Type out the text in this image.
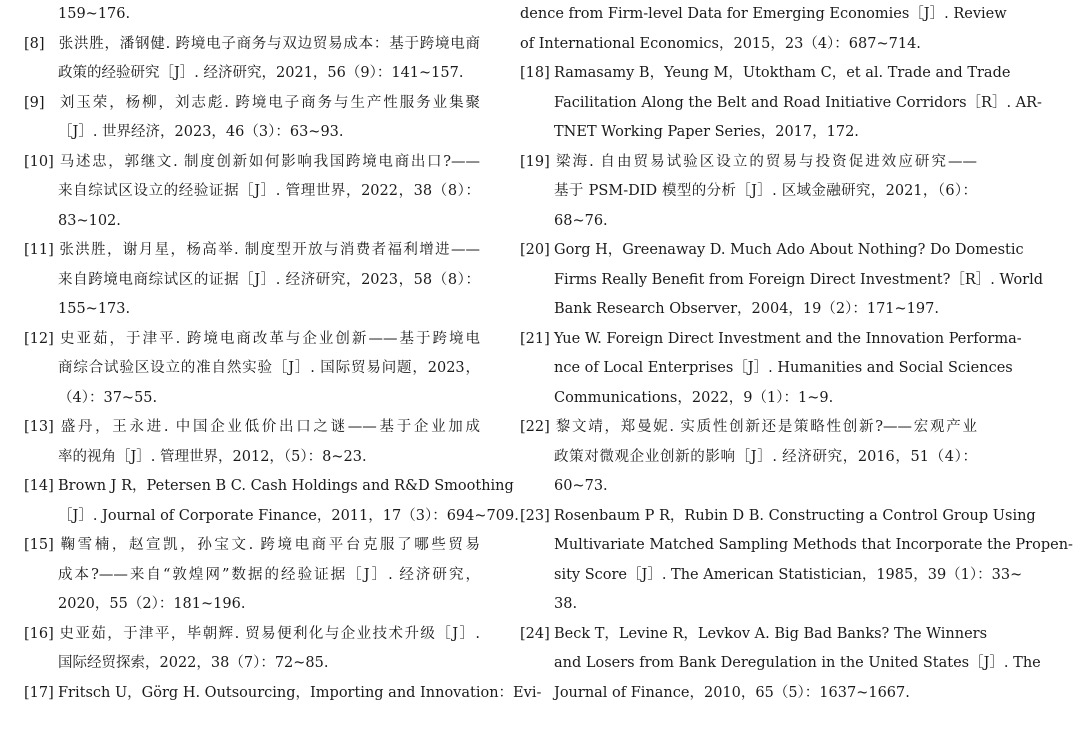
159~176.
[8] 张洪胜，潘钢健. 跨境电子商务与双边贸易成本：基于跨境电商
政策的经验研究［J］. 经济研究，2021，56（9）：141~157.
[9] 刘玉荣，杨柳，刘志彪. 跨境电子商务与生产性服务业集聚
［J］. 世界经济，2023，46（3）：63~93.
[10] 马述忠，郭继文. 制度创新如何影响我国跨境电商出口?——
来自综试区设立的经验证据［J］. 管理世界，2022，38（8）：
83~102.
[11] 张洪胜，谢月星，杨高举. 制度型开放与消费者福利增进——
来自跨境电商综试区的证据［J］. 经济研究，2023，58（8）：
155~173.
[12] 史亚茹，于津平. 跨境电商改革与企业创新——基于跨境电
商综合试验区设立的准自然实验［J］. 国际贸易问题，2023，
（4）：37~55.
[13] 盛丹，王永进. 中国企业低价出口之谜——基于企业加成
率的视角［J］. 管理世界，2012，（5）：8~23.
[14] Brown J R，Petersen B C. Cash Holdings and R&D Smoothing
［J］. Journal of Corporate Finance，2011，17（3）：694~709.
[15] 鞠雪楠，赵宣凯，孙宝文. 跨境电商平台克服了哪些贸易
成本?——来自“敦煌网”数据的经验证据［J］. 经济研究，
2020，55（2）：181~196.
[16] 史亚茹，于津平，毕朝辉. 贸易便利化与企业技术升级［J］.
国际经贸探索，2022，38（7）：72~85.
[17] Fritsch U，Görg H. Outsourcing，Importing and Innovation：Evi-
dence from Firm-level Data for Emerging Economies［J］. Review
of International Economics，2015，23（4）：687~714.
[18] Ramasamy B，Yeung M，Utoktham C，et al. Trade and Trade
Facilitation Along the Belt and Road Initiative Corridors［R］. AR-
TNET Working Paper Series，2017，172.
[19] 梁海. 自由贸易试验区设立的贸易与投资促进效应研究——
基于 PSM-DID 模型的分析［J］. 区域金融研究，2021，（6）：
68~76.
[20] Gorg H，Greenaway D. Much Ado About Nothing? Do Domestic
Firms Really Benefit from Foreign Direct Investment?［R］. World
Bank Research Observer，2004，19（2）：171~197.
[21] Yue W. Foreign Direct Investment and the Innovation Performa-
nce of Local Enterprises［J］. Humanities and Social Sciences
Communications，2022，9（1）：1~9.
[22] 黎文靖，郑曼妮. 实质性创新还是策略性创新?——宏观产业
政策对微观企业创新的影响［J］. 经济研究，2016，51（4）：
60~73.
[23] Rosenbaum P R，Rubin D B. Constructing a Control Group Using
Multivariate Matched Sampling Methods that Incorporate the Propen-
sity Score［J］. The American Statistician，1985，39（1）：33~
38.
[24] Beck T，Levine R，Levkov A. Big Bad Banks? The Winners
and Losers from Bank Deregulation in the United States［J］. The
Journal of Finance，2010，65（5）：1637~1667.
